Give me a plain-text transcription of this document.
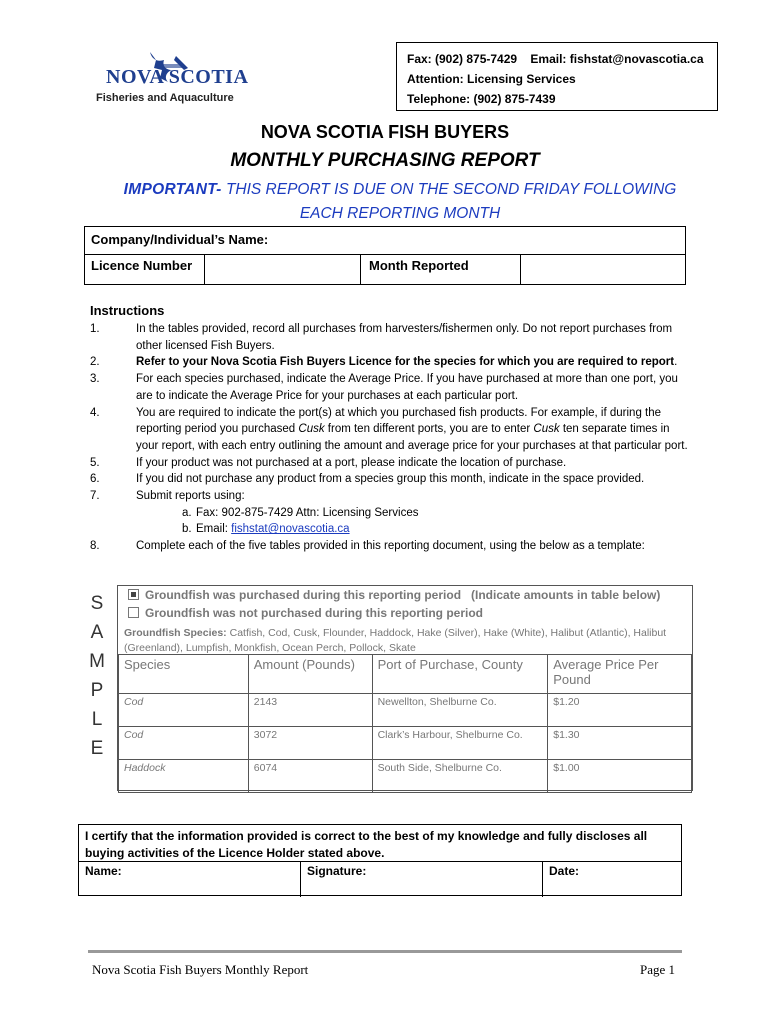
NOVA SCOTIA
Fisheries and Aquaculture
Fax: (902) 875-7429    Email: fishstat@novascotia.ca
Attention: Licensing Services
Telephone: (902) 875-7439
NOVA SCOTIA FISH BUYERS
MONTHLY PURCHASING REPORT
IMPORTANT- THIS REPORT IS DUE ON THE SECOND FRIDAY FOLLOWING EACH REPORTING MONTH
Company/Individual’s Name:
Licence Number	Month Reported
Instructions
1.	In the tables provided, record all purchases from harvesters/fishermen only. Do not report purchases from other licensed Fish Buyers.
2.	Refer to your Nova Scotia Fish Buyers Licence for the species for which you are required to report.
3.	For each species purchased, indicate the Average Price. If you have purchased at more than one port, you are to indicate the Average Price for your purchases at each particular port.
4.	You are required to indicate the port(s) at which you purchased fish products. For example, if during the reporting period you purchased Cusk from ten different ports, you are to enter Cusk ten separate times in your report, with each entry outlining the amount and average price for your purchases at that particular port.
5.	If your product was not purchased at a port, please indicate the location of purchase.
6.	If you did not purchase any product from a species group this month, indicate in the space provided.
7.	Submit reports using:
a. Fax: 902-875-7429 Attn: Licensing Services
b. Email: fishstat@novascotia.ca
8.	Complete each of the five tables provided in this reporting document, using the below as a template:
S
A
M
P
L
E
Groundfish was purchased during this reporting period   (Indicate amounts in table below)
Groundfish was not purchased during this reporting period
Groundfish Species: Catfish, Cod, Cusk, Flounder, Haddock, Hake (Silver), Hake (White), Halibut (Atlantic), Halibut (Greenland), Lumpfish, Monkfish, Ocean Perch, Pollock, Skate
Species	Amount (Pounds)	Port of Purchase, County	Average Price Per Pound
Cod	2143	Newellton, Shelburne Co.	$1.20
Cod	3072	Clark’s Harbour, Shelburne Co.	$1.30
Haddock	6074	South Side, Shelburne Co.	$1.00
I certify that the information provided is correct to the best of my knowledge and fully discloses all buying activities of the Licence Holder stated above.
Name:	Signature:	Date:
Nova Scotia Fish Buyers Monthly Report	Page 1
